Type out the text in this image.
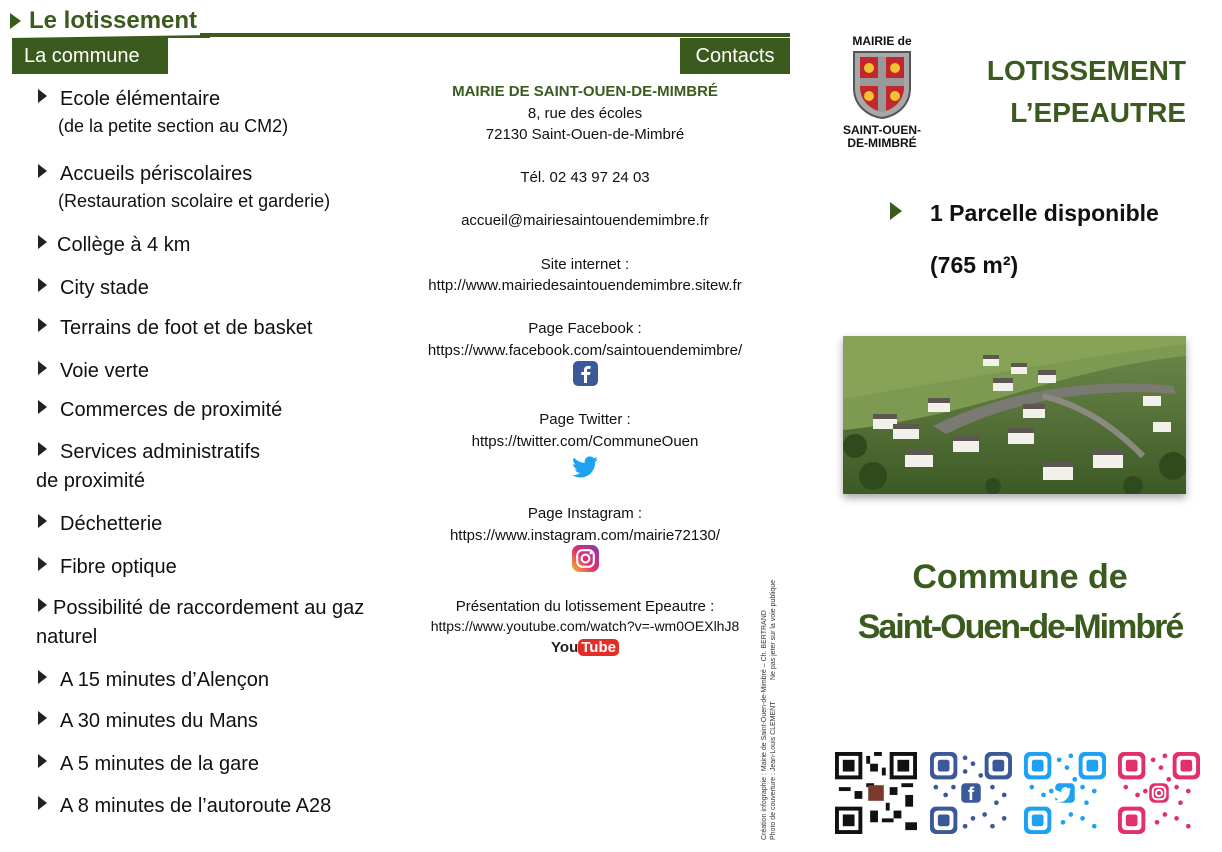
Le lotissement
La commune	Contacts
Ecole élémentaire
(de la petite section au CM2)
Accueils périscolaires
(Restauration scolaire et garderie)
Collège à 4 km
City stade
Terrains de foot et de basket
Voie verte
Commerces de proximité
Services administratifs
de proximité
Déchetterie
Fibre optique
Possibilité de raccordement au gaz
naturel
A 15 minutes d’Alençon
A 30 minutes du Mans
A 5 minutes de la gare
A 8 minutes de l’autoroute A28
MAIRIE DE SAINT-OUEN-DE-MIMBRÉ
8, rue des écoles
72130 Saint-Ouen-de-Mimbré
Tél. 02 43 97 24 03
accueil@mairiesaintouendemimbre.fr
Site internet :
http://www.mairiedesaintouendemimbre.sitew.fr
Page Facebook :
https://www.facebook.com/saintouendemimbre/
Page Twitter :
https://twitter.com/CommuneOuen
Page Instagram :
https://www.instagram.com/mairie72130/
Présentation du lotissement Epeautre :
https://www.youtube.com/watch?v=-wm0OEXlhJ8
You Tube	Création infographie : Mairie de Saint-Ouen-de-Mimbré – Ch. BERTRAND Photo de couverture : Jean-Louis CLEMENT
Ne pas jeter sur la voie publique
MAIRIE de
SAINT-OUEN-
DE-MIMBRÉ
LOTISSEMENT
L’EPEAUTRE
1 Parcelle disponible
(765 m²)
Commune de
Saint-Ouen-de-Mimbré
f
